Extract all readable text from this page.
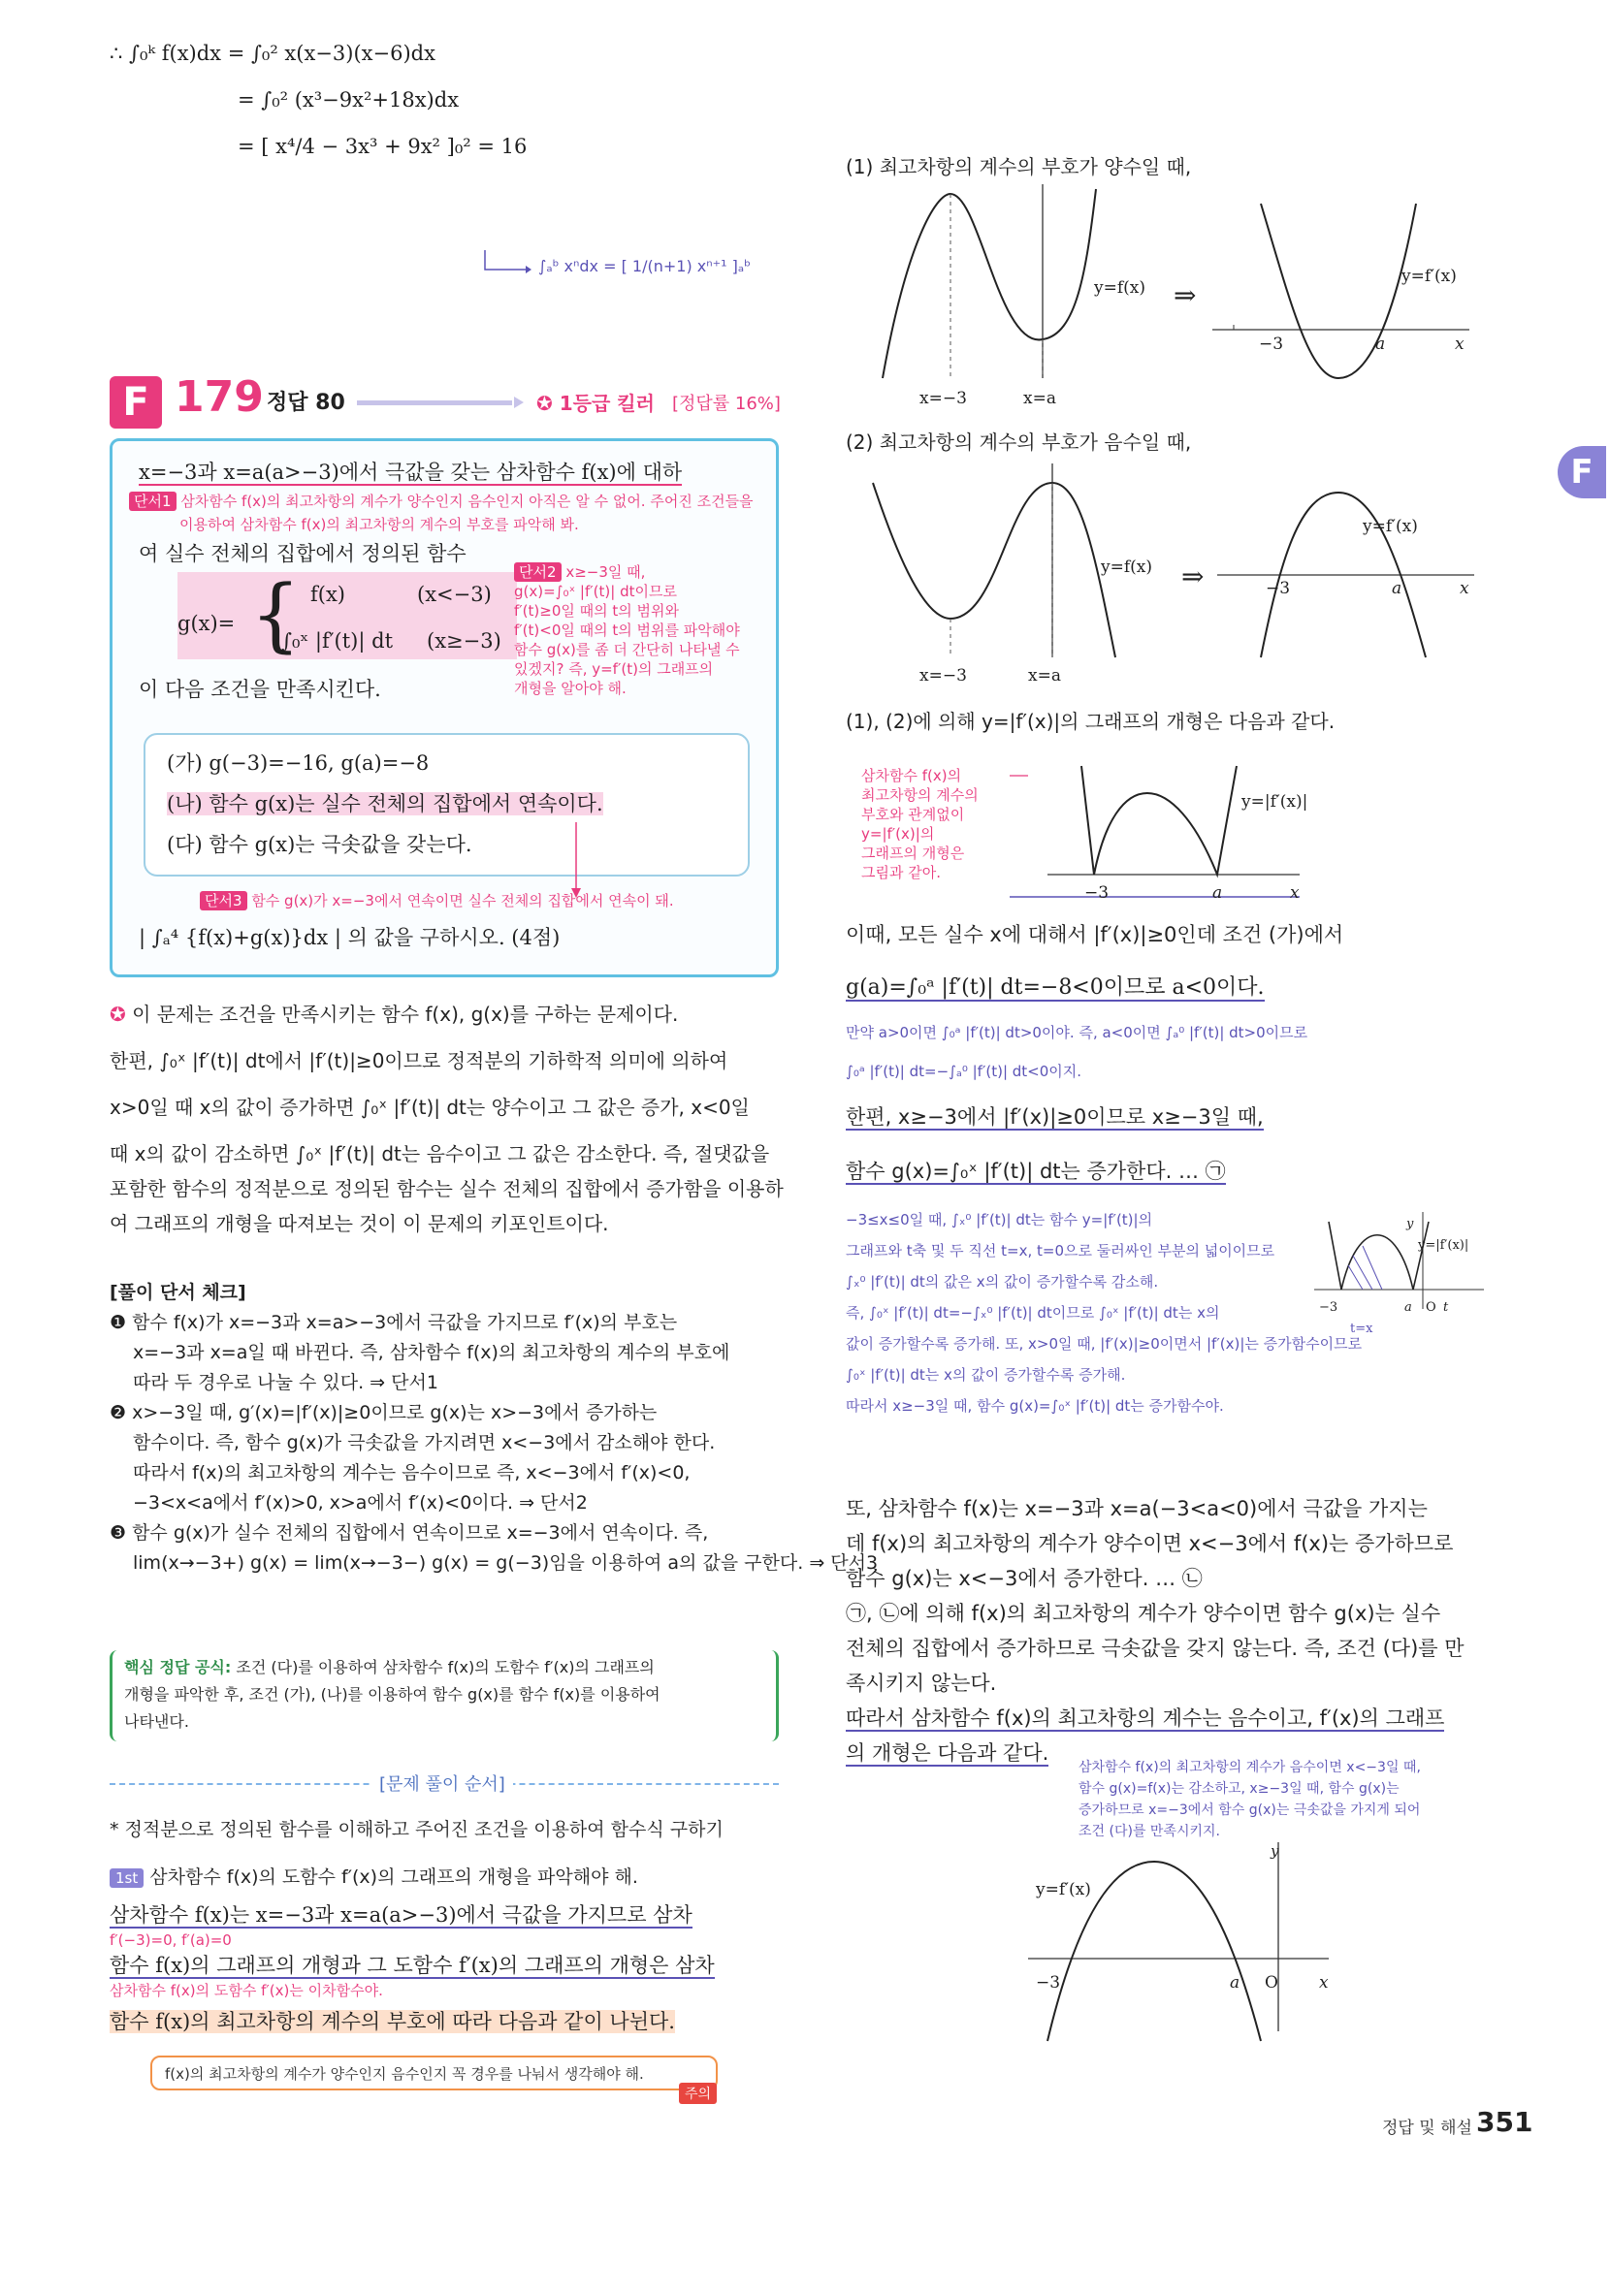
∴ ∫₀ᵏ f(x)dx = ∫₀² x(x−3)(x−6)dx
= ∫₀² (x³−9x²+18x)dx
= [ x⁴/4 − 3x³ + 9x² ]₀² = 16
∫ₐᵇ xⁿdx = [ 1/(n+1) xⁿ⁺¹ ]ₐᵇ
F 179 정답 80	✪ 1등급 킬러 [정답률 16%]
x=−3과 x=a(a>−3)에서 극값을 갖는 삼차함수 f(x)에 대하
단서1 삼차함수 f(x)의 최고차항의 계수가 양수인지 음수인지 아직은 알 수 없어. 주어진 조건들을
이용하여 삼차함수 f(x)의 최고차항의 계수의 부호를 파악해 봐.
여 실수 전체의 집합에서 정의된 함수
g(x)= { f(x)	(x<−3)
∫₀ˣ |f′(t)| dt (x≥−3)
이 다음 조건을 만족시킨다.
단서2 x≥−3일 때,
g(x)=∫₀ˣ |f′(t)| dt이므로
f′(t)≥0일 때의 t의 범위와
f′(t)<0일 때의 t의 범위를 파악해야
함수 g(x)를 좀 더 간단히 나타낼 수
있겠지? 즉, y=f′(t)의 그래프의
개형을 알아야 해.
(가) g(−3)=−16, g(a)=−8
(나) 함수 g(x)는 실수 전체의 집합에서 연속이다.
(다) 함수 g(x)는 극솟값을 갖는다.
단서3 함수 g(x)가 x=−3에서 연속이면 실수 전체의 집합에서 연속이 돼.
| ∫ₐ⁴ {f(x)+g(x)}dx | 의 값을 구하시오. (4점)
✪ 이 문제는 조건을 만족시키는 함수 f(x), g(x)를 구하는 문제이다.
한편, ∫₀ˣ |f′(t)| dt에서 |f′(t)|≥0이므로 정적분의 기하학적 의미에 의하여
x>0일 때 x의 값이 증가하면 ∫₀ˣ |f′(t)| dt는 양수이고 그 값은 증가, x<0일
때 x의 값이 감소하면 ∫₀ˣ |f′(t)| dt는 음수이고 그 값은 감소한다. 즉, 절댓값을
포함한 함수의 정적분으로 정의된 함수는 실수 전체의 집합에서 증가함을 이용하
여 그래프의 개형을 따져보는 것이 이 문제의 키포인트이다.
[풀이 단서 체크]
❶ 함수 f(x)가 x=−3과 x=a>−3에서 극값을 가지므로 f′(x)의 부호는
x=−3과 x=a일 때 바뀐다. 즉, 삼차함수 f(x)의 최고차항의 계수의 부호에
따라 두 경우로 나눌 수 있다. ⇒ 단서1
❷ x>−3일 때, g′(x)=|f′(x)|≥0이므로 g(x)는 x>−3에서 증가하는
함수이다. 즉, 함수 g(x)가 극솟값을 가지려면 x<−3에서 감소해야 한다.
따라서 f(x)의 최고차항의 계수는 음수이므로 즉, x<−3에서 f′(x)<0,
−3<x<a에서 f′(x)>0, x>a에서 f′(x)<0이다. ⇒ 단서2
❸ 함수 g(x)가 실수 전체의 집합에서 연속이므로 x=−3에서 연속이다. 즉,
lim(x→−3+) g(x) = lim(x→−3−) g(x) = g(−3)임을 이용하여 a의 값을 구한다. ⇒ 단서3
핵심 정답 공식: 조건 (다)를 이용하여 삼차함수 f(x)의 도함수 f′(x)의 그래프의
개형을 파악한 후, 조건 (가), (나)를 이용하여 함수 g(x)를 함수 f(x)를 이용하여
나타낸다.
[문제 풀이 순서]
* 정적분으로 정의된 함수를 이해하고 주어진 조건을 이용하여 함수식 구하기
1st 삼차함수 f(x)의 도함수 f′(x)의 그래프의 개형을 파악해야 해.
삼차함수 f(x)는 x=−3과 x=a(a>−3)에서 극값을 가지므로 삼차
f′(−3)=0, f′(a)=0
함수 f(x)의 그래프의 개형과 그 도함수 f′(x)의 그래프의 개형은 삼차
삼차함수 f(x)의 도함수 f′(x)는 이차함수야.
함수 f(x)의 최고차항의 계수의 부호에 따라 다음과 같이 나뉜다.
f(x)의 최고차항의 계수가 양수인지 음수인지 꼭 경우를 나눠서 생각해야 해.
주의
(1) 최고차항의 계수의 부호가 양수일 때,
y=f(x) ⇒
y=f′(x)
−3	a	x
x=−3	x=a
(2) 최고차항의 계수의 부호가 음수일 때,
y=f(x) ⇒
y=f′(x)
−3	a	x
x=−3	x=a
(1), (2)에 의해 y=|f′(x)|의 그래프의 개형은 다음과 같다.
삼차함수 f(x)의
최고차항의 계수의
부호와 관계없이
y=|f′(x)|의
그래프의 개형은
그림과 같아.
y=|f′(x)|
−3	a	x
이때, 모든 실수 x에 대해서 |f′(x)|≥0인데 조건 (가)에서
g(a)=∫₀ᵃ |f′(t)| dt=−8<0이므로 a<0이다.
만약 a>0이면 ∫₀ᵃ |f′(t)| dt>0이야. 즉, a<0이면 ∫ₐ⁰ |f′(t)| dt>0이므로
∫₀ᵃ |f′(t)| dt=−∫ₐ⁰ |f′(t)| dt<0이지.
한편, x≥−3에서 |f′(x)|≥0이므로 x≥−3일 때,
함수 g(x)=∫₀ˣ |f′(t)| dt는 증가한다. … ㉠
−3≤x≤0일 때, ∫ₓ⁰ |f′(t)| dt는 함수 y=|f′(t)|의
그래프와 t축 및 두 직선 t=x, t=0으로 둘러싸인 부분의 넓이이므로
∫ₓ⁰ |f′(t)| dt의 값은 x의 값이 증가할수록 감소해.
즉, ∫₀ˣ |f′(t)| dt=−∫ₓ⁰ |f′(t)| dt이므로 ∫₀ˣ |f′(t)| dt는 x의
값이 증가할수록 증가해. 또, x>0일 때, |f′(x)|≥0이면서 |f′(x)|는 증가함수이므로
∫₀ˣ |f′(t)| dt는 x의 값이 증가할수록 증가해.
따라서 x≥−3일 때, 함수 g(x)=∫₀ˣ |f′(t)| dt는 증가함수야.
y=|f′(x)|
y
−3	a O t
t=x
또, 삼차함수 f(x)는 x=−3과 x=a(−3<a<0)에서 극값을 가지는
데 f(x)의 최고차항의 계수가 양수이면 x<−3에서 f(x)는 증가하므로
함수 g(x)는 x<−3에서 증가한다. … ㉡
㉠, ㉡에 의해 f(x)의 최고차항의 계수가 양수이면 함수 g(x)는 실수
전체의 집합에서 증가하므로 극솟값을 갖지 않는다. 즉, 조건 (다)를 만
족시키지 않는다.
따라서 삼차함수 f(x)의 최고차항의 계수는 음수이고, f′(x)의 그래프
의 개형은 다음과 같다.
삼차함수 f(x)의 최고차항의 계수가 음수이면 x<−3일 때,
함수 g(x)=f(x)는 감소하고, x≥−3일 때, 함수 g(x)는
증가하므로 x=−3에서 함수 g(x)는 극솟값을 가지게 되어
조건 (다)를 만족시키지.
y=f′(x)
y
−3	a O x
F
정답 및 해설 351
